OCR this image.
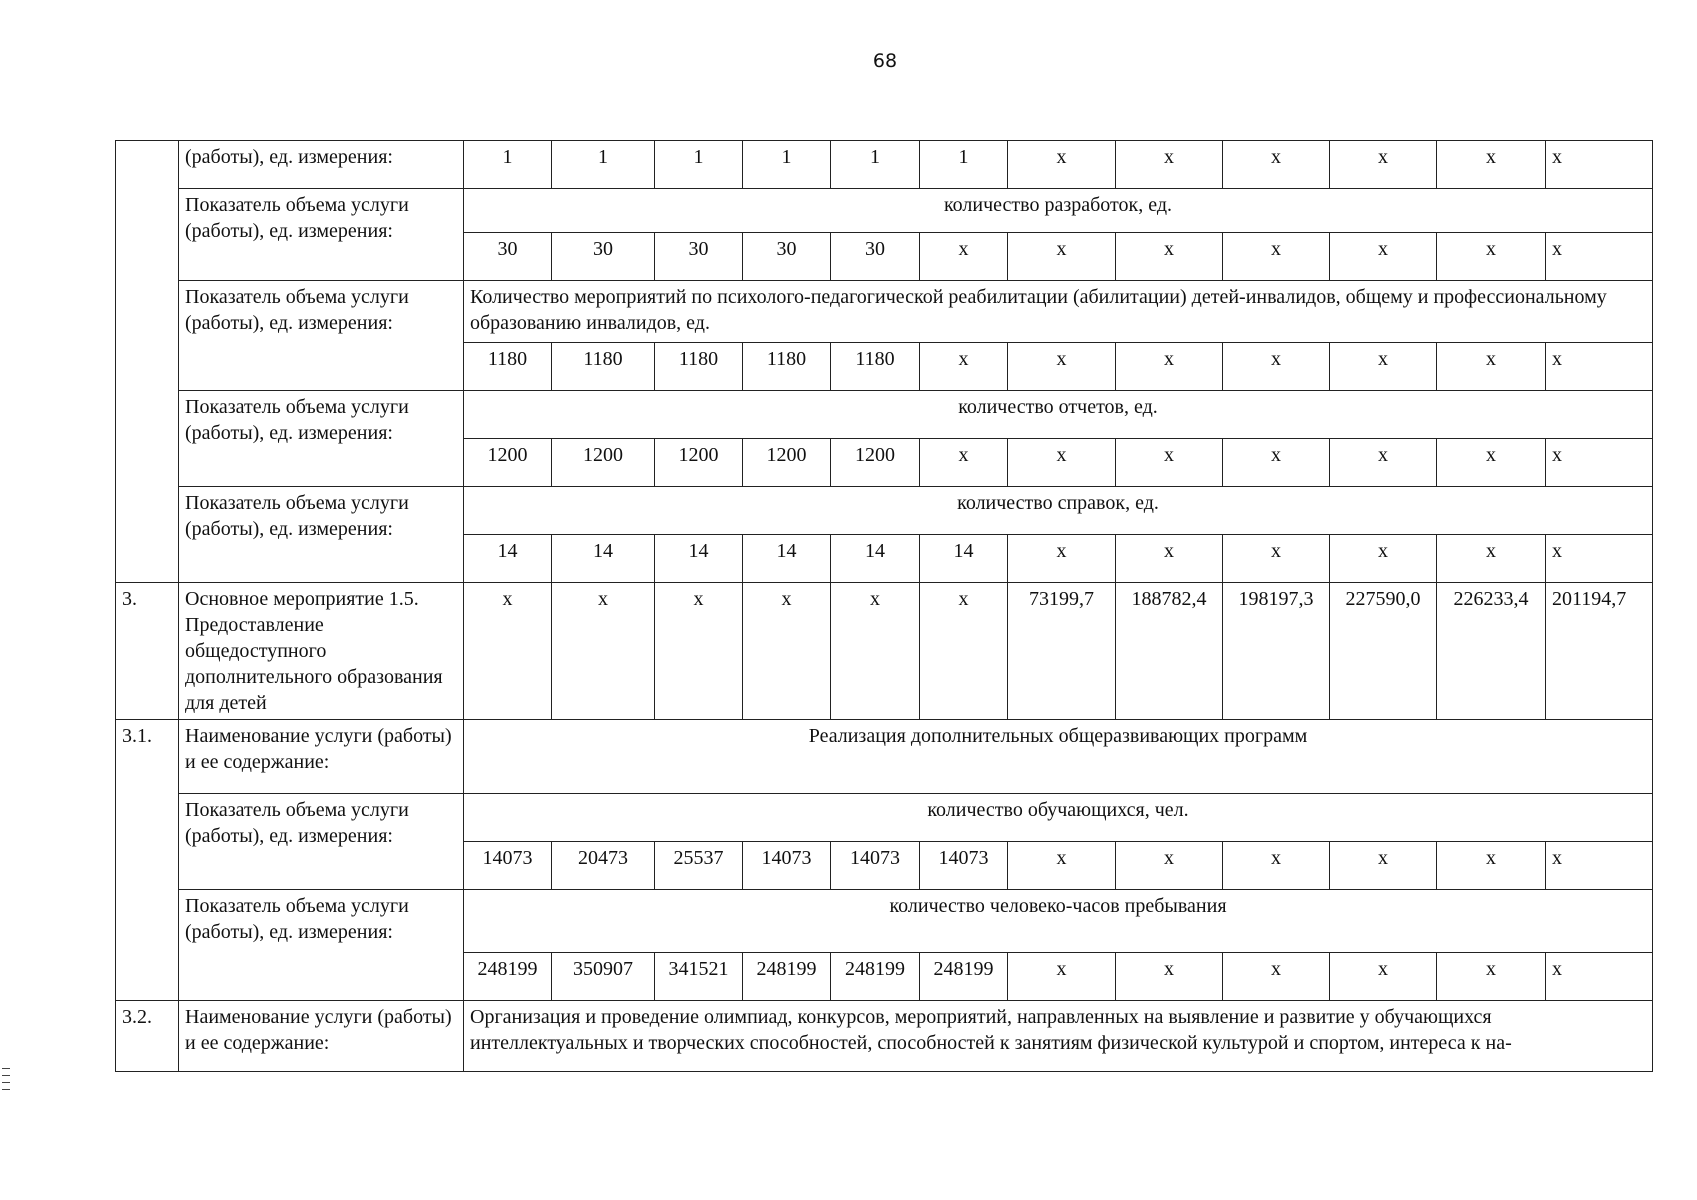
68
	(работы), ед. измерения:	1	1	1	1	1	1	х	х	х	х	х	х
	Показатель объема услуги (работы), ед. измерения:	количество разработок, ед.											
		30	30	30	30	30	х	х	х	х	х	х	х
	Показатель объема услуги (работы), ед. измерения:	Количество мероприятий по психолого-педагогической реабилитации (абилитации) детей-инвалидов, общему и профессиональному образованию инвалидов, ед.											
		1180	1180	1180	1180	1180	х	х	х	х	х	х	х
	Показатель объема услуги (работы), ед. измерения:	количество отчетов, ед.											
		1200	1200	1200	1200	1200	х	х	х	х	х	х	х
	Показатель объема услуги (работы), ед. измерения:	количество справок, ед.											
		14	14	14	14	14	14	х	х	х	х	х	х
3.	Основное мероприятие 1.5. Предоставление общедоступного дополнительного образования для детей	х	х	х	х	х	х	73199,7	188782,4	198197,3	227590,0	226233,4	201194,7
3.1.	Наименование услуги (работы) и ее содержание:	Реализация дополнительных общеразвивающих программ											
	Показатель объема услуги (работы), ед. измерения:	количество обучающихся, чел.											
		14073	20473	25537	14073	14073	14073	х	х	х	х	х	х
	Показатель объема услуги (работы), ед. измерения:	количество человеко-часов пребывания											
		248199	350907	341521	248199	248199	248199	х	х	х	х	х	х
3.2.	Наименование услуги (работы) и ее содержание:	Организация и проведение олимпиад, конкурсов, мероприятий, направленных на выявление и развитие у обучающихся интеллектуальных и творческих способностей, способностей к занятиям физической культурой и спортом, интереса к на-											
